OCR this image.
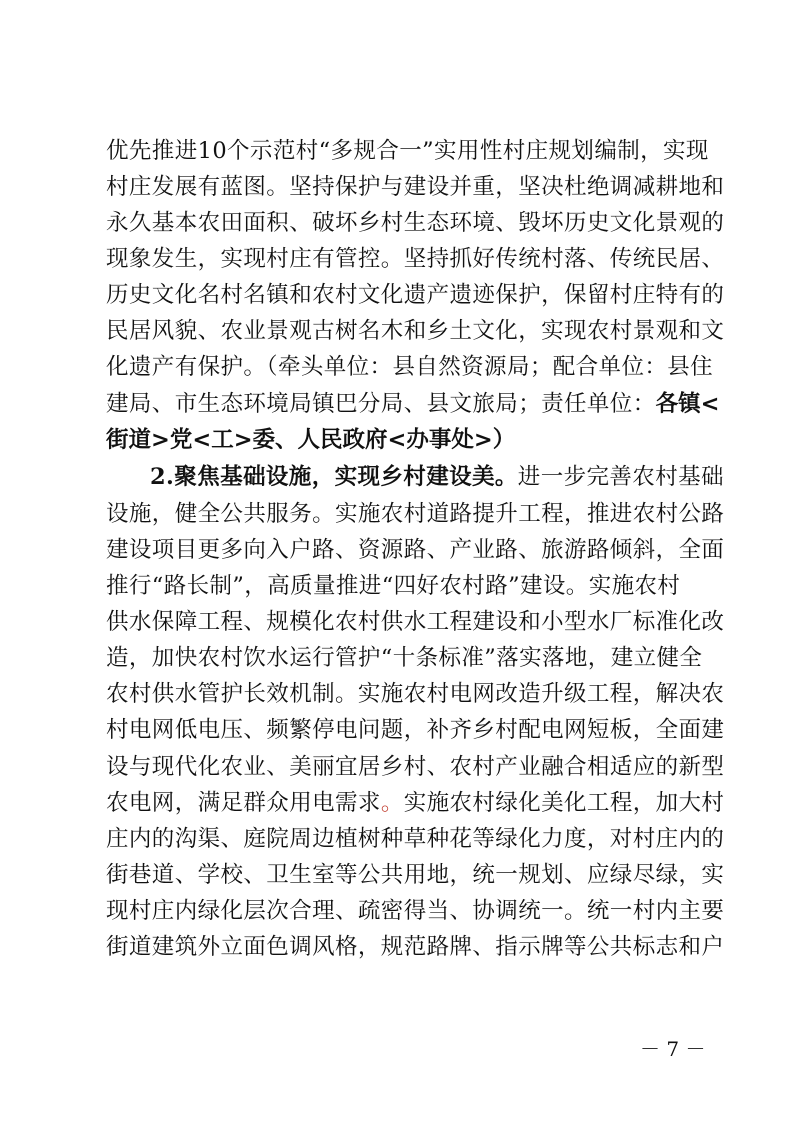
优先推进10个示范村“多规合一”实用性村庄规划编制，实现
村庄发展有蓝图。坚持保护与建设并重，坚决杜绝调减耕地和
永久基本农田面积、破坏乡村生态环境、毁坏历史文化景观的
现象发生，实现村庄有管控。坚持抓好传统村落、传统民居、
历史文化名村名镇和农村文化遗产遗迹保护，保留村庄特有的
民居风貌、农业景观古树名木和乡土文化，实现农村景观和文
化遗产有保护。（牵头单位：县自然资源局；配合单位：县住
建局、市生态环境局镇巴分局、县文旅局；责任单位：各镇<
街道>党<工>委、人民政府<办事处>）
2.聚焦基础设施，实现乡村建设美。进一步完善农村基础
设施，健全公共服务。实施农村道路提升工程，推进农村公路
建设项目更多向入户路、资源路、产业路、旅游路倾斜，全面
推行“路长制”，高质量推进“四好农村路”建设。实施农村
供水保障工程、规模化农村供水工程建设和小型水厂标准化改
造，加快农村饮水运行管护“十条标准”落实落地，建立健全
农村供水管护长效机制。实施农村电网改造升级工程，解决农
村电网低电压、频繁停电问题，补齐乡村配电网短板，全面建
设与现代化农业、美丽宜居乡村、农村产业融合相适应的新型
农电网，满足群众用电需求。实施农村绿化美化工程，加大村
庄内的沟渠、庭院周边植树种草种花等绿化力度，对村庄内的
街巷道、学校、卫生室等公共用地，统一规划、应绿尽绿，实
现村庄内绿化层次合理、疏密得当、协调统一。统一村内主要
街道建筑外立面色调风格，规范路牌、指示牌等公共标志和户
－ 7 －
